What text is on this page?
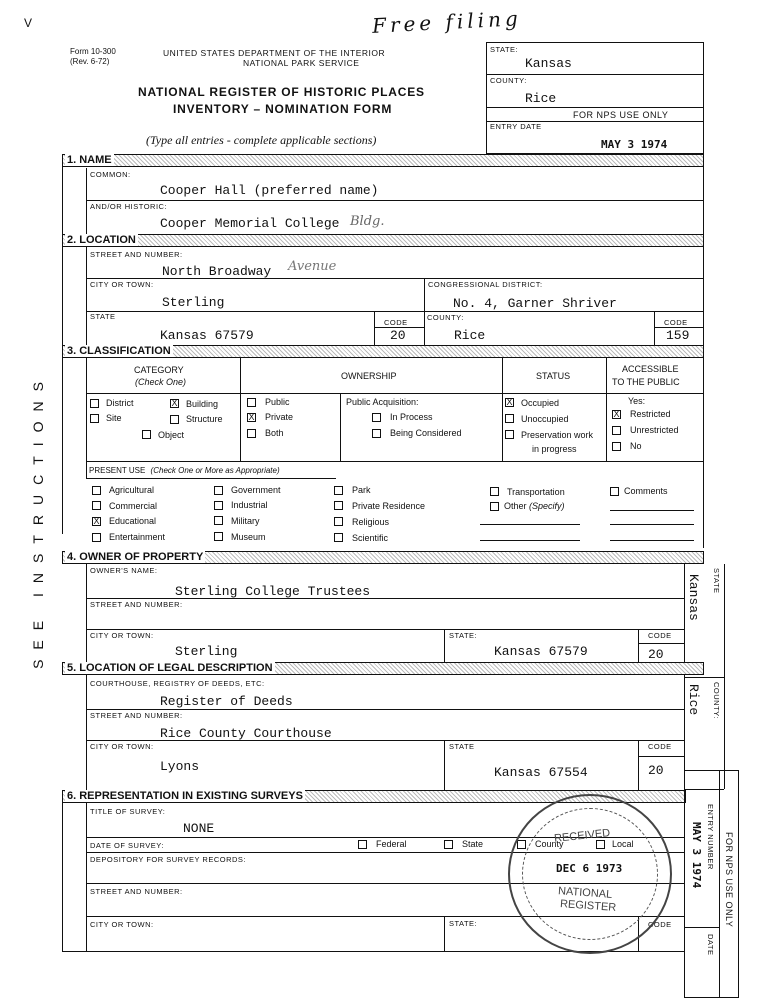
V	Free filing
Form 10-300
(Rev. 6-72)
UNITED STATES DEPARTMENT OF THE INTERIOR
NATIONAL PARK SERVICE
NATIONAL REGISTER OF HISTORIC PLACES
INVENTORY – NOMINATION FORM
(Type all entries - complete applicable sections)
STATE:
Kansas
COUNTY:
Rice
FOR NPS USE ONLY
ENTRY DATE
MAY 3 1974
SEE INSTRUCTIONS
1. NAME
COMMON:
Cooper Hall (preferred name)
AND/OR HISTORIC:
Cooper Memorial College Bldg.
2. LOCATION
STREET AND NUMBER:
North Broadway Avenue
CITY OR TOWN:
Sterling
CONGRESSIONAL DISTRICT:
No. 4, Garner Shriver
STATE
Kansas 67579
CODE
20
COUNTY:
Rice
CODE
159
3. CLASSIFICATION
CATEGORY
(Check One)
OWNERSHIP	STATUS
ACCESSIBLE
TO THE PUBLIC
District	X Building
Site	Structure
Object
Public
X Private
Both
Public Acquisition:
In Process
Being Considered
X Occupied
Unoccupied
Preservation work
in progress
Yes:
X Restricted
Unrestricted
No
PRESENT USE (Check One or More as Appropriate)
Agricultural
Commercial
X Educational
Entertainment
Government
Industrial
Military
Museum
Park
Private Residence
Religious
Scientific
Transportation
Other (Specify)
Comments
4. OWNER OF PROPERTY
OWNER'S NAME:
Sterling College Trustees
STREET AND NUMBER:
CITY OR TOWN:
Sterling
STATE:
Kansas 67579
CODE
20
STATE
Kansas
COUNTY:
Rice
5. LOCATION OF LEGAL DESCRIPTION
COURTHOUSE, REGISTRY OF DEEDS, ETC:
Register of Deeds
STREET AND NUMBER:
Rice County Courthouse
CITY OR TOWN:
Lyons
STATE
Kansas 67554
CODE
20
6. REPRESENTATION IN EXISTING SURVEYS
TITLE OF SURVEY:
NONE
DATE OF SURVEY:	Federal	State	County	Local
DEPOSITORY FOR SURVEY RECORDS:
STREET AND NUMBER:
CITY OR TOWN:	STATE:	CODE	FOR NPS USE ONLY
ENTRY NUMBER
MAY 3 1974
DATE
RECEIVED
DEC 6 1973
NATIONAL
REGISTER
